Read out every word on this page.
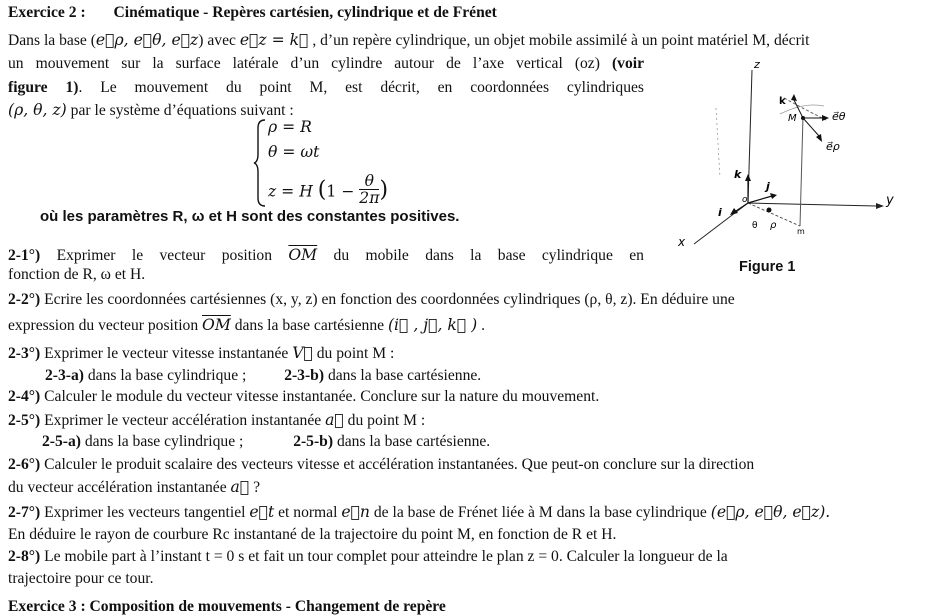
Exercice 2 : Cinématique - Repères cartésien, cylindrique et de Frénet
Dans la base (e⃗ρ, e⃗θ, e⃗z) avec e⃗z = k⃗ , d’un repère cylindrique, un objet mobile assimilé à un point matériel M, décrit
un mouvement sur la surface latérale d’un cylindre autour de l’axe vertical (oz) (voir
figure 1). Le mouvement du point M, est décrit, en coordonnées cylindriques
(ρ, θ, z) par le système d’équations suivant :
ρ = R
θ = ωt
z = H ($1 - \frac{\theta}{2\pi}$ )
où les paramètres R, ω et H sont des constantes positives.
z
y
x
M
k
e⃗θ
e⃗ρ
k
j
i
o
θ ρ
m
Figure 1
2-1°) Exprimer le vecteur position $\overline{OM}$ du mobile dans la base cylindrique en
fonction de R, ω et H.
2-2°) Ecrire les coordonnées cartésiennes (x, y, z) en fonction des coordonnées cylindriques (ρ, θ, z). En déduire une
expression du vecteur position $\overline{OM}$ dans la base cartésienne (i⃗ , j⃗, k⃗ ) .
2-3°) Exprimer le vecteur vitesse instantanée V⃗ du point M :
2-3-a) dans la base cylindrique ; 2-3-b) dans la base cartésienne.
2-4°) Calculer le module du vecteur vitesse instantanée. Conclure sur la nature du mouvement.
2-5°) Exprimer le vecteur accélération instantanée a⃗ du point M :
2-5-a) dans la base cylindrique ;	2-5-b) dans la base cartésienne.
2-6°) Calculer le produit scalaire des vecteurs vitesse et accélération instantanées. Que peut-on conclure sur la direction
du vecteur accélération instantanée a⃗ ?
2-7°) Exprimer les vecteurs tangentiel e⃗t et normal e⃗n de la base de Frénet liée à M dans la base cylindrique (e⃗ρ, e⃗θ, e⃗z).
En déduire le rayon de courbure Rc instantané de la trajectoire du point M, en fonction de R et H.
2-8°) Le mobile part à l’instant t = 0 s et fait un tour complet pour atteindre le plan z = 0. Calculer la longueur de la
trajectoire pour ce tour.
Exercice 3 : Composition de mouvements - Changement de repère
